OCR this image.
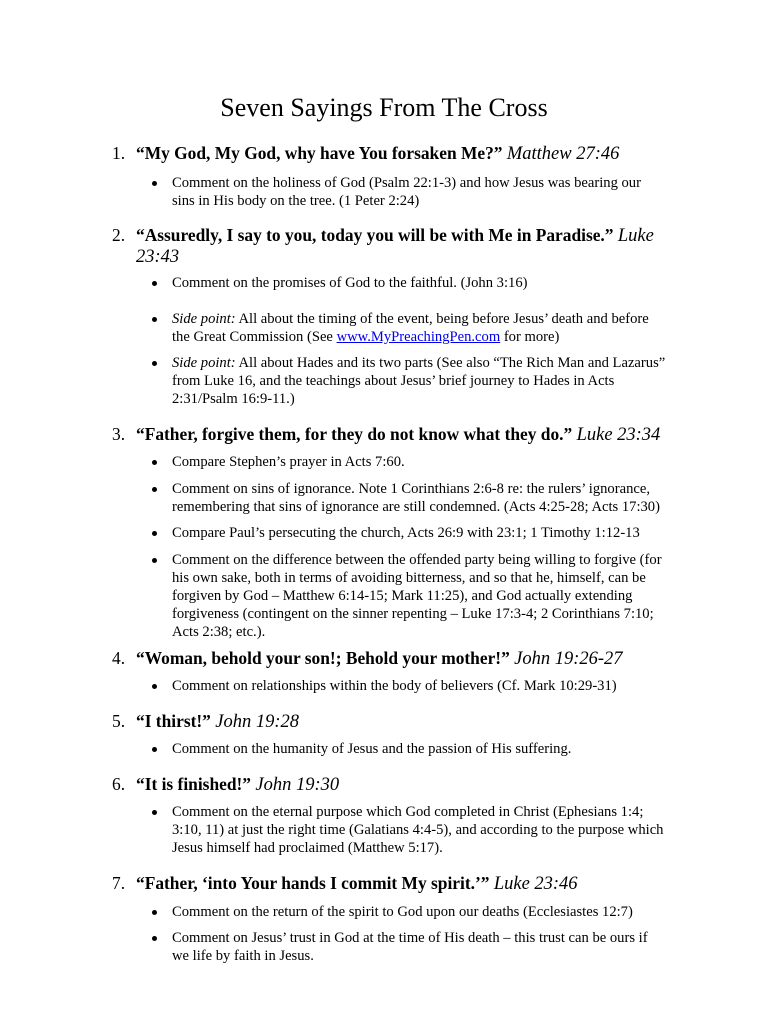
Seven Sayings From The Cross
1. “My God, My God, why have You forsaken Me?” Matthew 27:46
Comment on the holiness of God (Psalm 22:1-3) and how Jesus was bearing our sins in His body on the tree. (1 Peter 2:24)
2. “Assuredly, I say to you, today you will be with Me in Paradise.” Luke 23:43
Comment on the promises of God to the faithful. (John 3:16)
Side point: All about the timing of the event, being before Jesus’ death and before the Great Commission (See www.MyPreachingPen.com for more)
Side point: All about Hades and its two parts (See also “The Rich Man and Lazarus” from Luke 16, and the teachings about Jesus’ brief journey to Hades in Acts 2:31/Psalm 16:9-11.)
3. “Father, forgive them, for they do not know what they do.” Luke 23:34
Compare Stephen’s prayer in Acts 7:60.
Comment on sins of ignorance. Note 1 Corinthians 2:6-8 re: the rulers’ ignorance, remembering that sins of ignorance are still condemned. (Acts 4:25-28; Acts 17:30)
Compare Paul’s persecuting the church, Acts 26:9 with 23:1; 1 Timothy 1:12-13
Comment on the difference between the offended party being willing to forgive (for his own sake, both in terms of avoiding bitterness, and so that he, himself, can be forgiven by God – Matthew 6:14-15; Mark 11:25), and God actually extending forgiveness (contingent on the sinner repenting – Luke 17:3-4; 2 Corinthians 7:10; Acts 2:38; etc.).
4. “Woman, behold your son!; Behold your mother!” John 19:26-27
Comment on relationships within the body of believers (Cf. Mark 10:29-31)
5. “I thirst!” John 19:28
Comment on the humanity of Jesus and the passion of His suffering.
6. “It is finished!” John 19:30
Comment on the eternal purpose which God completed in Christ (Ephesians 1:4; 3:10, 11) at just the right time (Galatians 4:4-5), and according to the purpose which Jesus himself had proclaimed (Matthew 5:17).
7. “Father, ‘into Your hands I commit My spirit.’” Luke 23:46
Comment on the return of the spirit to God upon our deaths (Ecclesiastes 12:7)
Comment on Jesus’ trust in God at the time of His death – this trust can be ours if we life by faith in Jesus.
